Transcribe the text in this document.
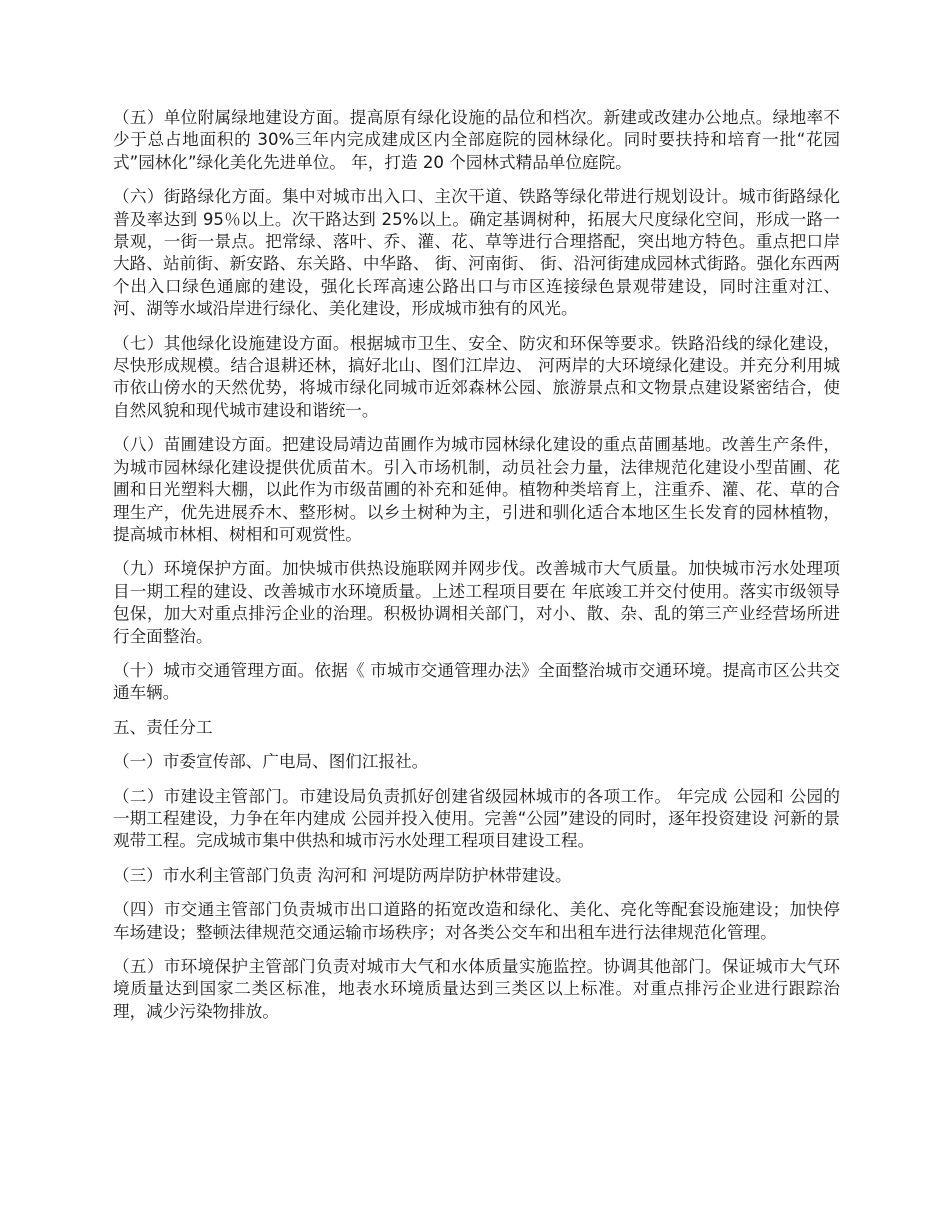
（五）单位附属绿地建设方面。提高原有绿化设施的品位和档次。新建或改建办公地点。绿地率不少于总占地面积的 30%三年内完成建成区内全部庭院的园林绿化。同时要扶持和培育一批“花园式”园林化”绿化美化先进单位。 年，打造 20 个园林式精品单位庭院。

（六）街路绿化方面。集中对城市出入口、主次干道、铁路等绿化带进行规划设计。城市街路绿化普及率达到 95％以上。次干路达到 25%以上。确定基调树种，拓展大尺度绿化空间，形成一路一景观，一街一景点。把常绿、落叶、乔、灌、花、草等进行合理搭配，突出地方特色。重点把口岸大路、站前街、新安路、东关路、中华路、 街、河南街、 街、沿河街建成园林式街路。强化东西两个出入口绿色通廊的建设，强化长珲高速公路出口与市区连接绿色景观带建设，同时注重对江、河、湖等水域沿岸进行绿化、美化建设，形成城市独有的风光。

（七）其他绿化设施建设方面。根据城市卫生、安全、防灾和环保等要求。铁路沿线的绿化建设，尽快形成规模。结合退耕还林，搞好北山、图们江岸边、 河两岸的大环境绿化建设。并充分利用城市依山傍水的天然优势，将城市绿化同城市近郊森林公园、旅游景点和文物景点建设紧密结合，使自然风貌和现代城市建设和谐统一。

（八）苗圃建设方面。把建设局靖边苗圃作为城市园林绿化建设的重点苗圃基地。改善生产条件，为城市园林绿化建设提供优质苗木。引入市场机制，动员社会力量，法律规范化建设小型苗圃、花圃和日光塑料大棚，以此作为市级苗圃的补充和延伸。植物种类培育上，注重乔、灌、花、草的合理生产，优先进展乔木、整形树。以乡土树种为主，引进和驯化适合本地区生长发育的园林植物，提高城市林相、树相和可观赏性。

（九）环境保护方面。加快城市供热设施联网并网步伐。改善城市大气质量。加快城市污水处理项目一期工程的建设、改善城市水环境质量。上述工程项目要在 年底竣工并交付使用。落实市级领导包保，加大对重点排污企业的治理。积极协调相关部门，对小、散、杂、乱的第三产业经营场所进行全面整治。

（十）城市交通管理方面。依据《 市城市交通管理办法》全面整治城市交通环境。提高市区公共交通车辆。

五、责任分工

（一）市委宣传部、广电局、图们江报社。

（二）市建设主管部门。市建设局负责抓好创建省级园林城市的各项工作。 年完成 公园和 公园的一期工程建设，力争在年内建成 公园并投入使用。完善“公园”建设的同时，逐年投资建设 河新的景观带工程。完成城市集中供热和城市污水处理工程项目建设工程。

（三）市水利主管部门负责 沟河和 河堤防两岸防护林带建设。

（四）市交通主管部门负责城市出口道路的拓宽改造和绿化、美化、亮化等配套设施建设；加快停车场建设；整顿法律规范交通运输市场秩序；对各类公交车和出租车进行法律规范化管理。

（五）市环境保护主管部门负责对城市大气和水体质量实施监控。协调其他部门。保证城市大气环境质量达到国家二类区标准，地表水环境质量达到三类区以上标准。对重点排污企业进行跟踪治理，减少污染物排放。
